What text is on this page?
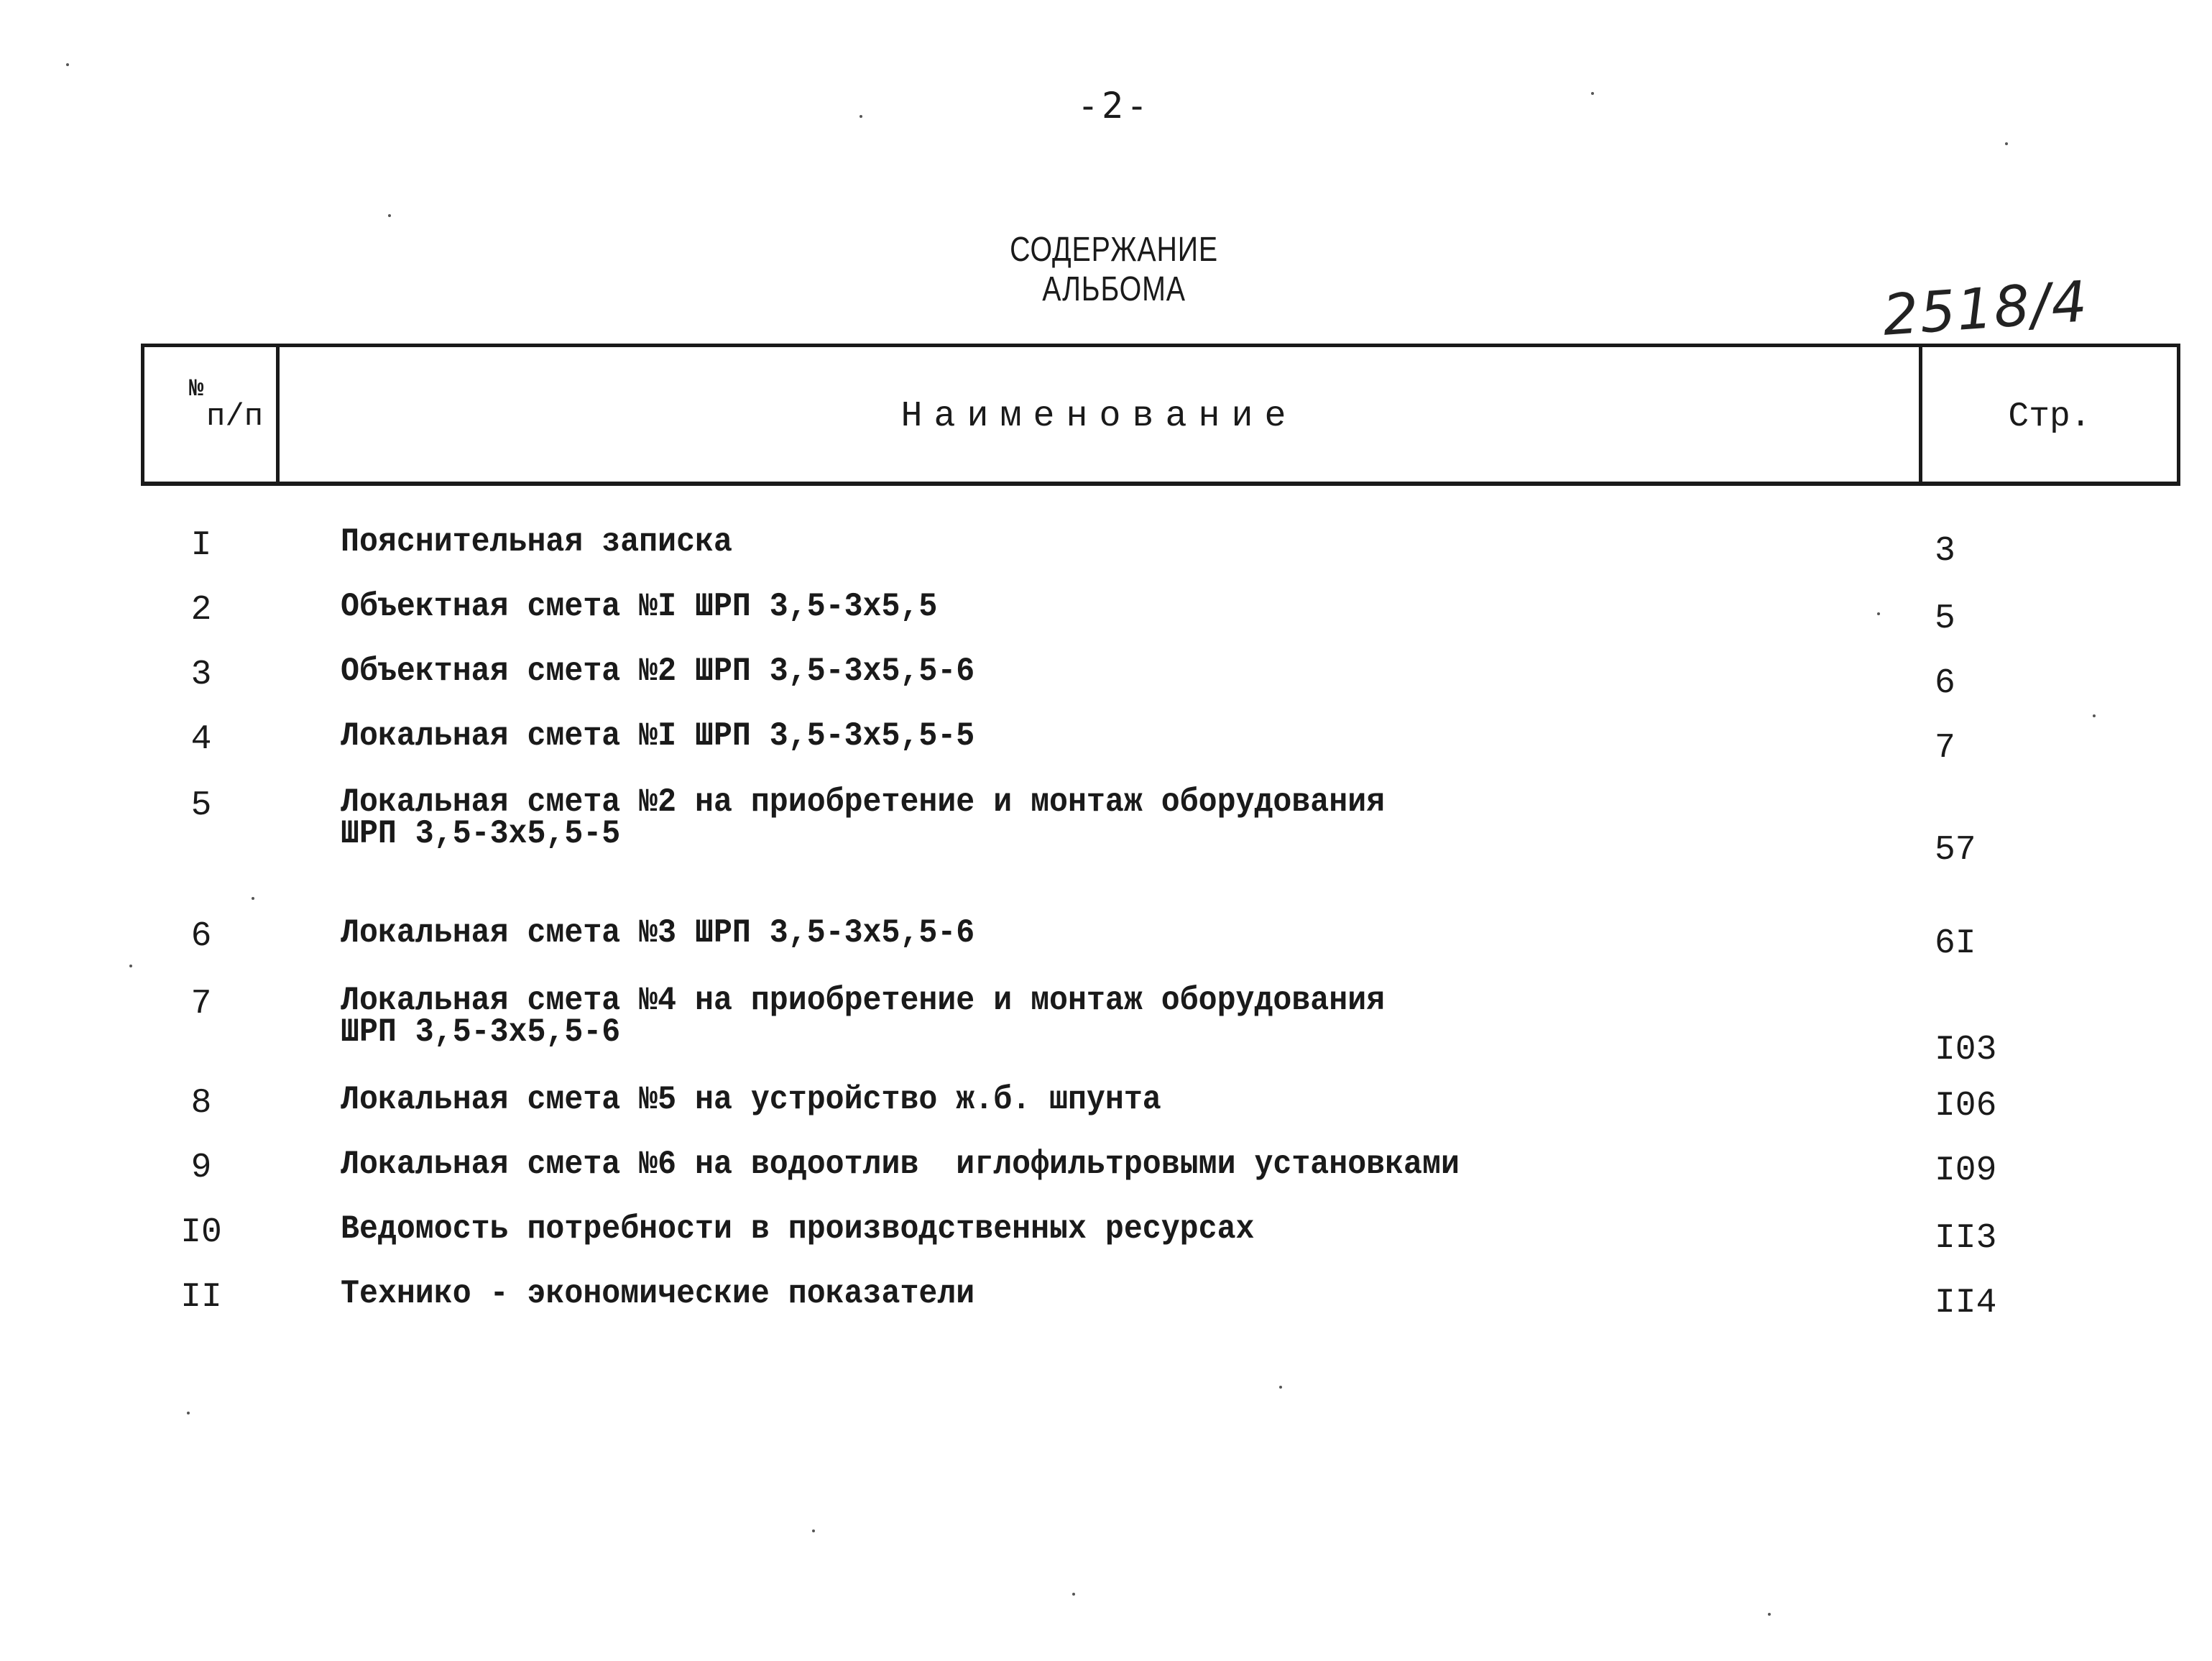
-2-
СОДЕРЖАНИЕ АЛЬБОМА	2518/4
№
п/п	Наименование	Стр.
I	Пояснительная записка	3
2	Объектная смета №I ШРП 3,5-3х5,5	5
3	Объектная смета №2 ШРП 3,5-3х5,5-6	6
4	Локальная смета №I ШРП 3,5-3х5,5-5	7
5	Локальная смета №2 на приобретение и монтаж оборудования
ШРП 3,5-3х5,5-5	57
6	Локальная смета №3 ШРП 3,5-3х5,5-6	6I
7	Локальная смета №4 на приобретение и монтаж оборудования
ШРП 3,5-3х5,5-6	I03
8	Локальная смета №5 на устройство ж.б. шпунта	I06
9	Локальная смета №6 на водоотлив  иглофильтровыми установками	I09
I0	Ведомость потребности в производственных ресурсах	II3
II	Технико - экономические показатели	II4
